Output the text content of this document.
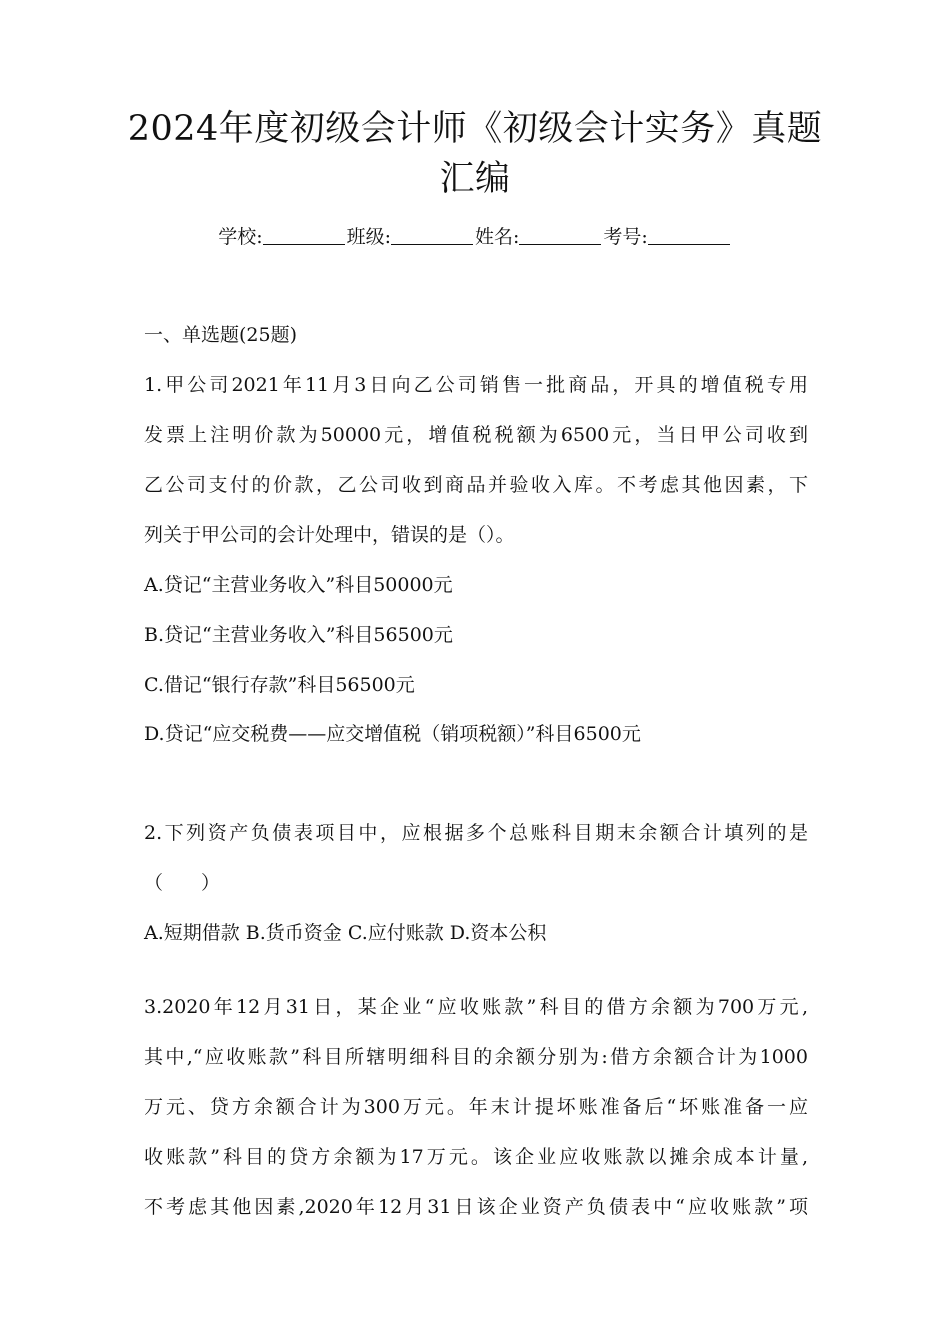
2024年度初级会计师《初级会计实务》真题
汇编
学校:	班级:	姓名:	考号:
一、单选题(25题)
1.甲公司2021年11月3日向乙公司销售一批商品，开具的增值税专用
发票上注明价款为50000元，增值税税额为6500元，当日甲公司收到
乙公司支付的价款，乙公司收到商品并验收入库。不考虑其他因素，下
列关于甲公司的会计处理中，错误的是（）。
A.贷记“主营业务收入”科目50000元
B.贷记“主营业务收入”科目56500元
C.借记“银行存款”科目56500元
D.贷记“应交税费——应交增值税（销项税额）”科目6500元
2.下列资产负债表项目中，应根据多个总账科目期末余额合计填列的是
（　　）
A.短期借款 B.货币资金 C.应付账款 D.资本公积
3.2020年12月31日，某企业“应收账款”科目的借方余额为700万元,
其中,“应收账款”科目所辖明细科目的余额分别为:借方余额合计为1000
万元、贷方余额合计为300万元。年末计提坏账准备后“坏账准备一应
收账款”科目的贷方余额为17万元。该企业应收账款以摊余成本计量,
不考虑其他因素,2020年12月31日该企业资产负债表中“应收账款”项
